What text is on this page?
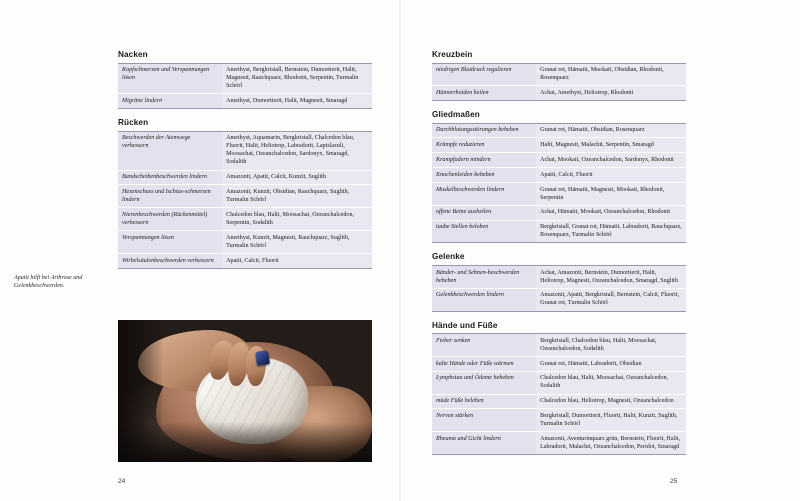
Nacken
Kopfschmerzen und Verspannungen lösen	Amethyst, Bergkristall, Bernstein, Dumortierit, Halit, Magnesit, Rauchquarz, Rhodonit, Serpentin, Turmalin Schörl
Migräne lindern	Amethyst, Dumortierit, Halit, Magnesit, Smaragd
Rücken
Beschwerden der Atemwege verbessern	Amethyst, Aquamarin, Bergkristall, Chalcedon blau, Fluorit, Halit, Heliotrop, Labradorit, Lapislazuli, Moosachat, Ozeanchalcedon, Sardonyx, Smaragd, Sodalith
Bandscheibenbeschwerden lindern	Amazonit, Apatit, Calcit, Kunzit, Suglith
Hexenschuss und Ischias-schmerzen lindern	Amazonit, Kunzit, Obsidian, Rauchquarz, Suglith, Turmalin Schörl
Nierenbeschwerden (Rückenmittel) verbessern	Chalcedon blau, Halit, Moosachat, Ozeanchalcedon, Serpentin, Sodalith
Verspannungen lösen	Amethyst, Kunzit, Magnesit, Rauchquarz, Suglith, Turmalin Schörl
Wirbelsäulenbeschwerden verbessern	Apatit, Calcit, Fluorit
Kreuzbein
niedrigen Blutdruck regulieren	Granat rot, Hämatit, Mookait, Obsidian, Rhodonit, Rosenquarz
Hämorrhoiden heilen	Achat, Amethyst, Heliotrop, Rhodonit
Gliedmaßen
Durchblutungsstörungen beheben	Granat rot, Hämatit, Obsidian, Rosenquarz
Krämpfe reduzieren	Halit, Magnesit, Malachit, Serpentin, Smaragd
Krampfadern mindern	Achat, Mookait, Ozeanchalcedon, Sardonyx, Rhodonit
Knochenleiden beheben	Apatit, Calcit, Fluorit
Muskelbeschwerden lindern	Granat rot, Hämatit, Magnesit, Mookait, Rhodonit, Serpentin
offene Beine ausheilen	Achat, Hämatit, Mookait, Ozeanchalcedon, Rhodonit
taube Stellen beleben	Bergkristall, Granat rot, Hämatit, Labradorit, Rauchquarz, Rosenquarz, Turmalin Schörl
Gelenke
Bänder- und Sehnen-beschwerden beheben	Achat, Amazonit, Bernstein, Dumortierit, Halit, Heliotrop, Magnesit, Ozeanchalcedon, Smaragd, Suglith
Gelenkbeschwerden lindern	Amazonit, Apatit, Bergkristall, Bernstein, Calcit, Fluorit, Granat rot, Turmalin Schörl
Hände und Füße
Fieber senken	Bergkristall, Chalcedon blau, Halit, Moosachat, Ozeanchalcedon, Sodalith
kalte Hände oder Füße wärmen	Granat rot, Hämatit, Labradorit, Obsidian
Lymphstau und Ödeme beheben	Chalcedon blau, Halit, Moosachat, Ozeanchalcedon, Sodalith
müde Füße beleben	Chalcedon blau, Heliotrop, Magnesit, Ozeanchalcedon
Nerven stärken	Bergkristall, Dumortierit, Fluorit, Halit, Kunzit, Suglith, Turmalin Schörl
Rheuma und Gicht lindern	Amazonit, Aventurinquarz grün, Bernstein, Fluorit, Halit, Labradorit, Malachit, Ozeanchalcedon, Peridot, Smaragd
Apatit hilft bei Arthrose und Gelenkbeschwerden.
24	25
